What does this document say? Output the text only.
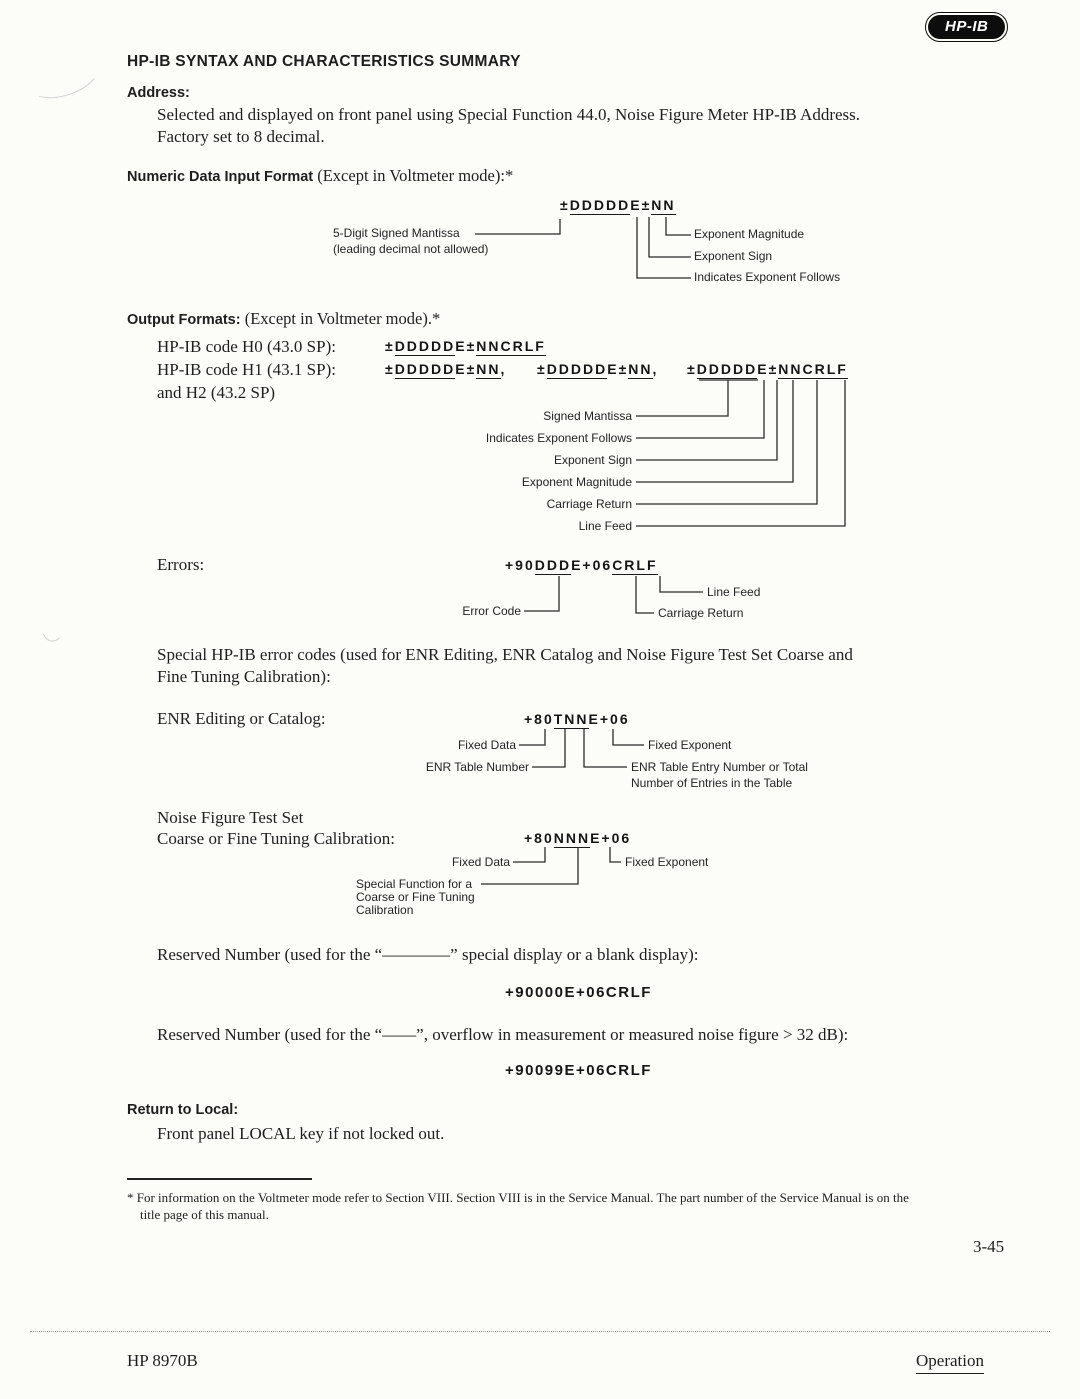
HP-IB
HP-IB SYNTAX AND CHARACTERISTICS SUMMARY
Address:
Selected and displayed on front panel using Special Function 44.0, Noise Figure Meter HP-IB Address.
Factory set to 8 decimal.
Numeric Data Input Format (Except in Voltmeter mode):*
±DDDDDE±NN
5-Digit Signed Mantissa
(leading decimal not allowed)
Exponent Magnitude
Exponent Sign
Indicates Exponent Follows
Output Formats: (Except in Voltmeter mode).*
HP-IB code H0 (43.0 SP):	±DDDDDE±NNCRLF
HP-IB code H1 (43.1 SP):	±DDDDDE±NN, ±DDDDDE±NN, ±DDDDDE±NNCRLF
and H2 (43.2 SP)
Signed Mantissa
Indicates Exponent Follows
Exponent Sign
Exponent Magnitude
Carriage Return
Line Feed
Errors:	+90DDDE+06CRLF
Line Feed
Error Code	Carriage Return
Special HP-IB error codes (used for ENR Editing, ENR Catalog and Noise Figure Test Set Coarse and
Fine Tuning Calibration):
ENR Editing or Catalog:	+80TNNE+06
Fixed Data	Fixed Exponent
ENR Table Number	ENR Table Entry Number or Total
Number of Entries in the Table
Noise Figure Test Set
Coarse or Fine Tuning Calibration:	+80NNNE+06
Fixed Data	Fixed Exponent
Special Function for a
Coarse or Fine Tuning
Calibration
Reserved Number (used for the “————” special display or a blank display):
+90000E+06CRLF
Reserved Number (used for the “——”, overflow in measurement or measured noise figure > 32 dB):
+90099E+06CRLF
Return to Local:
Front panel LOCAL key if not locked out.
* For information on the Voltmeter mode refer to Section VIII. Section VIII is in the Service Manual. The part number of the Service Manual is on the
title page of this manual.
3-45
HP 8970B	Operation
